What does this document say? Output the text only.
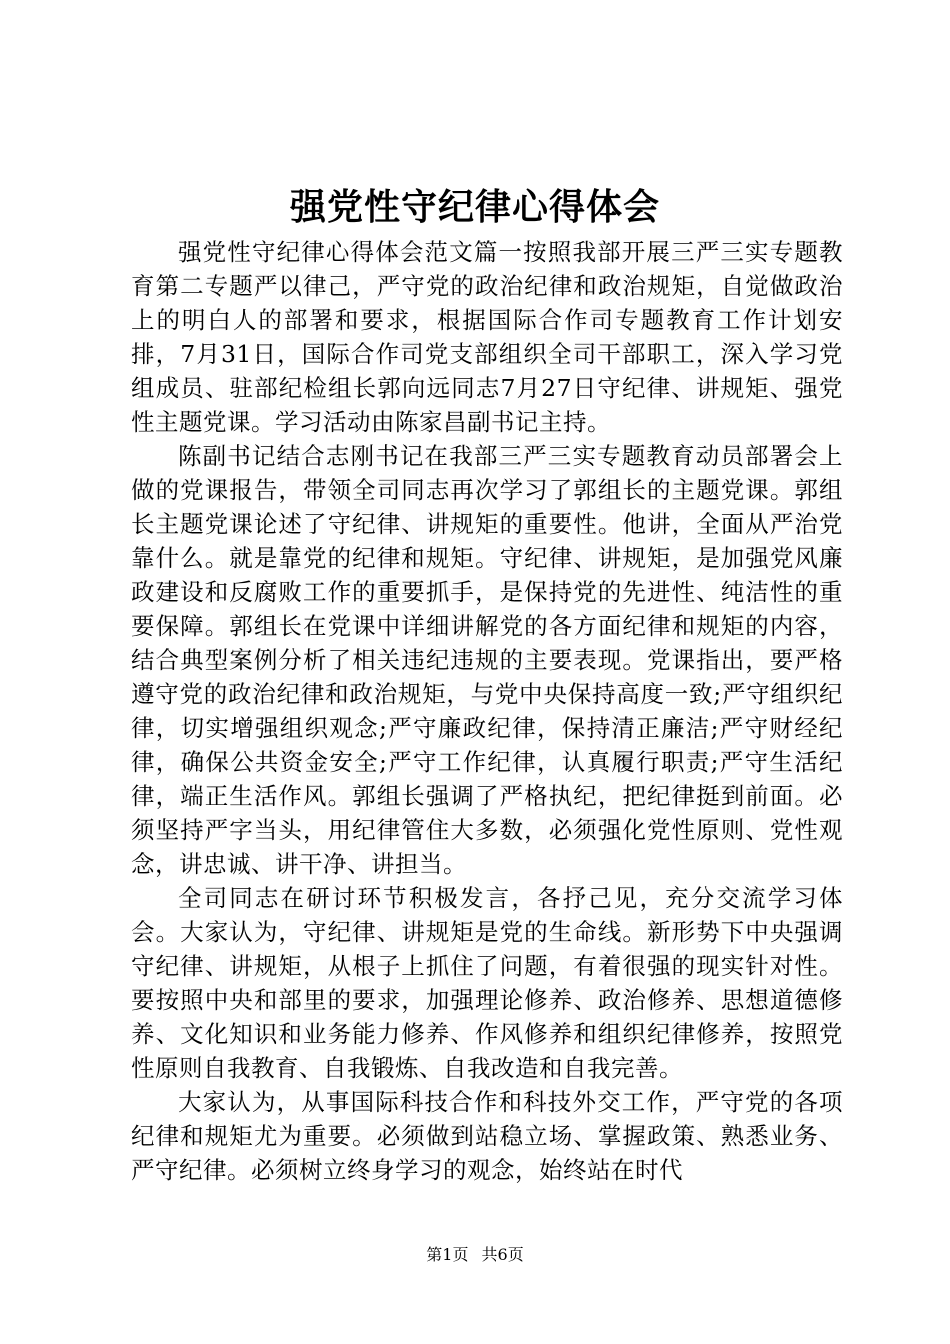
强党性守纪律心得体会

强党性守纪律心得体会范文篇一按照我部开展三严三实专题教育第二专题严以律己，严守党的政治纪律和政治规矩，自觉做政治上的明白人的部署和要求，根据国际合作司专题教育工作计划安排，7月31日，国际合作司党支部组织全司干部职工，深入学习党组成员、驻部纪检组长郭向远同志7月27日守纪律、讲规矩、强党性主题党课。学习活动由陈家昌副书记主持。

陈副书记结合志刚书记在我部三严三实专题教育动员部署会上做的党课报告，带领全司同志再次学习了郭组长的主题党课。郭组长主题党课论述了守纪律、讲规矩的重要性。他讲，全面从严治党靠什么。就是靠党的纪律和规矩。守纪律、讲规矩，是加强党风廉政建设和反腐败工作的重要抓手，是保持党的先进性、纯洁性的重要保障。郭组长在党课中详细讲解党的各方面纪律和规矩的内容，结合典型案例分析了相关违纪违规的主要表现。党课指出，要严格遵守党的政治纪律和政治规矩，与党中央保持高度一致;严守组织纪律，切实增强组织观念;严守廉政纪律，保持清正廉洁;严守财经纪律，确保公共资金安全;严守工作纪律，认真履行职责;严守生活纪律，端正生活作风。郭组长强调了严格执纪，把纪律挺到前面。必须坚持严字当头，用纪律管住大多数，必须强化党性原则、党性观念，讲忠诚、讲干净、讲担当。

全司同志在研讨环节积极发言，各抒己见，充分交流学习体会。大家认为，守纪律、讲规矩是党的生命线。新形势下中央强调守纪律、讲规矩，从根子上抓住了问题，有着很强的现实针对性。要按照中央和部里的要求，加强理论修养、政治修养、思想道德修养、文化知识和业务能力修养、作风修养和组织纪律修养，按照党性原则自我教育、自我锻炼、自我改造和自我完善。

大家认为，从事国际科技合作和科技外交工作，严守党的各项纪律和规矩尤为重要。必须做到站稳立场、掌握政策、熟悉业务、严守纪律。必须树立终身学习的观念，始终站在时代

第1页 共6页
